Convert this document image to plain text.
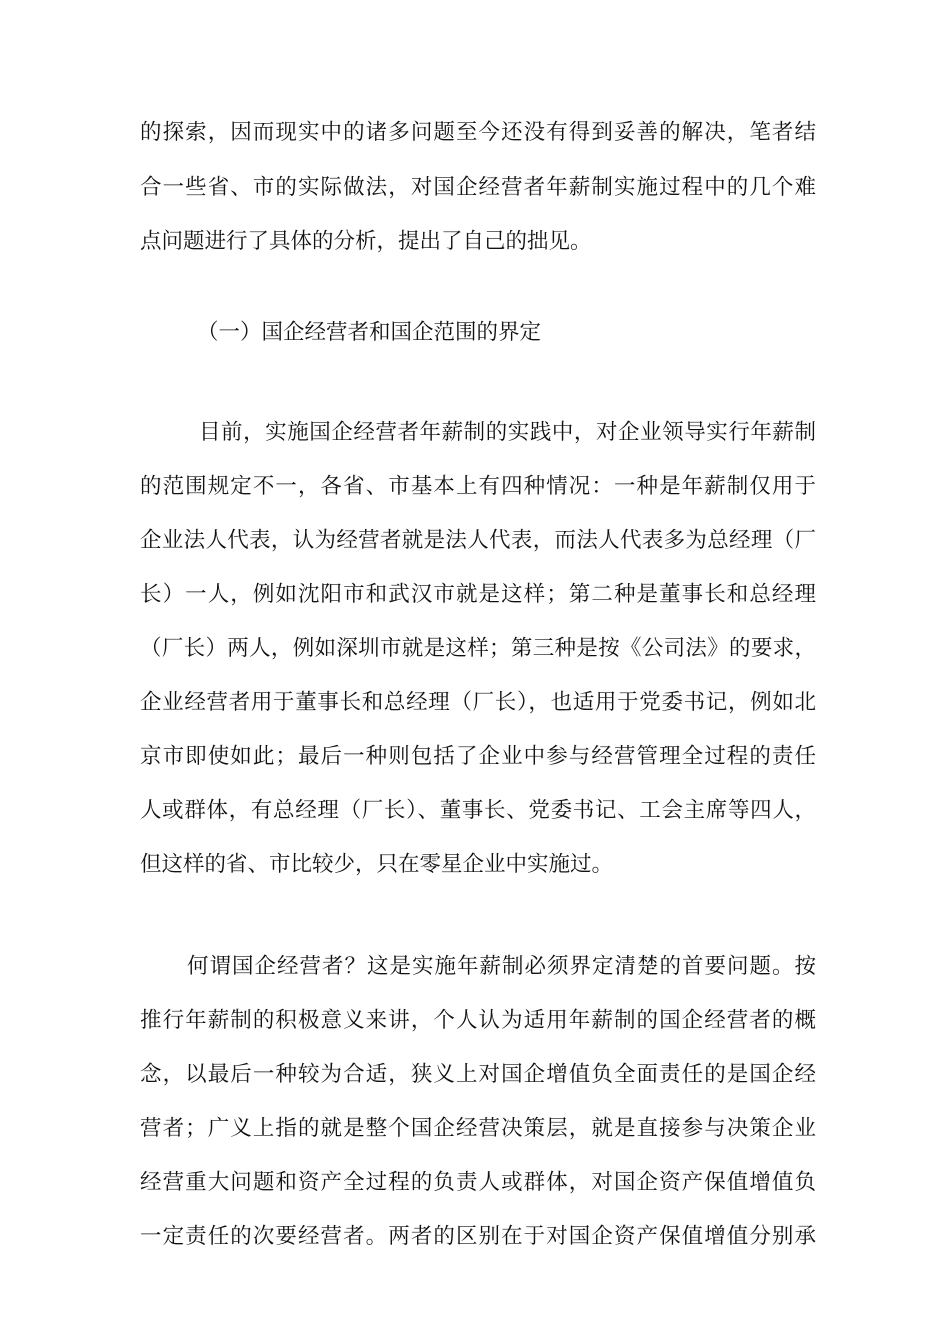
的探索，因而现实中的诸多问题至今还没有得到妥善的解决，笔者结
合一些省、市的实际做法，对国企经营者年薪制实施过程中的几个难
点问题进行了具体的分析，提出了自己的拙见。
（一）国企经营者和国企范围的界定
目前，实施国企经营者年薪制的实践中，对企业领导实行年薪制
的范围规定不一，各省、市基本上有四种情况：一种是年薪制仅用于
企业法人代表，认为经营者就是法人代表，而法人代表多为总经理（厂
长）一人，例如沈阳市和武汉市就是这样；第二种是董事长和总经理
（厂长）两人，例如深圳市就是这样；第三种是按《公司法》的要求，
企业经营者用于董事长和总经理（厂长），也适用于党委书记，例如北
京市即使如此；最后一种则包括了企业中参与经营管理全过程的责任
人或群体，有总经理（厂长）、董事长、党委书记、工会主席等四人，
但这样的省、市比较少，只在零星企业中实施过。
何谓国企经营者？这是实施年薪制必须界定清楚的首要问题。按
推行年薪制的积极意义来讲，个人认为适用年薪制的国企经营者的概
念，以最后一种较为合适，狭义上对国企增值负全面责任的是国企经
营者；广义上指的就是整个国企经营决策层，就是直接参与决策企业
经营重大问题和资产全过程的负责人或群体，对国企资产保值增值负
一定责任的次要经营者。两者的区别在于对国企资产保值增值分别承
